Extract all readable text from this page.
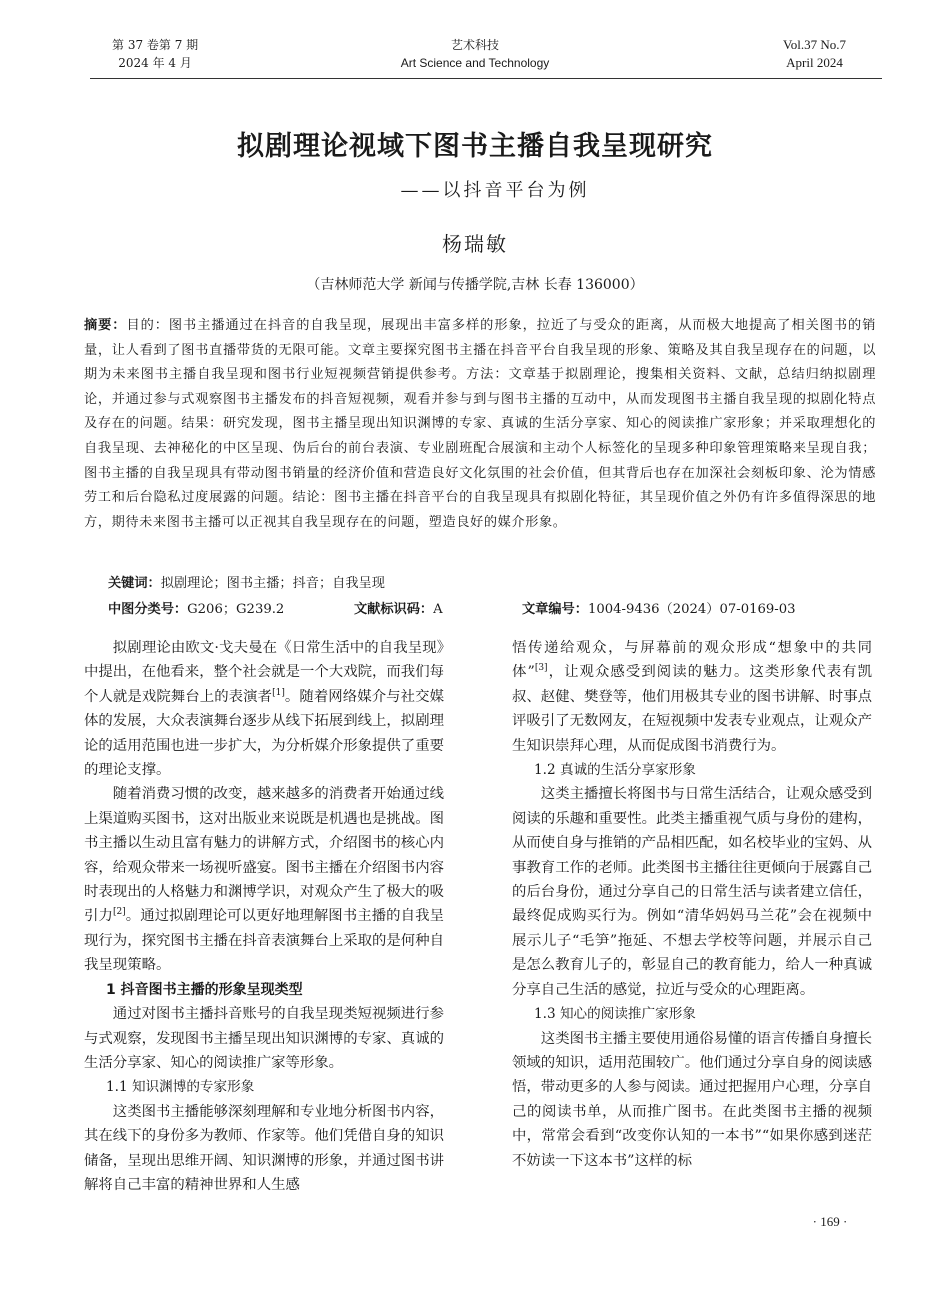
第 37 卷第 7 期
2024 年 4 月
艺术科技
Art Science and Technology
Vol.37 No.7
April 2024
拟剧理论视域下图书主播自我呈现研究
——以抖音平台为例
杨瑞敏
（吉林师范大学 新闻与传播学院,吉林 长春 136000）
摘要：目的：图书主播通过在抖音的自我呈现，展现出丰富多样的形象，拉近了与受众的距离，从而极大地提高了相关图书的销量，让人看到了图书直播带货的无限可能。文章主要探究图书主播在抖音平台自我呈现的形象、策略及其自我呈现存在的问题，以期为未来图书主播自我呈现和图书行业短视频营销提供参考。方法：文章基于拟剧理论，搜集相关资料、文献，总结归纳拟剧理论，并通过参与式观察图书主播发布的抖音短视频，观看并参与到与图书主播的互动中，从而发现图书主播自我呈现的拟剧化特点及存在的问题。结果：研究发现，图书主播呈现出知识渊博的专家、真诚的生活分享家、知心的阅读推广家形象；并采取理想化的自我呈现、去神秘化的中区呈现、伪后台的前台表演、专业剧班配合展演和主动个人标签化的呈现多种印象管理策略来呈现自我；图书主播的自我呈现具有带动图书销量的经济价值和营造良好文化氛围的社会价值，但其背后也存在加深社会刻板印象、沦为情感劳工和后台隐私过度展露的问题。结论：图书主播在抖音平台的自我呈现具有拟剧化特征，其呈现价值之外仍有许多值得深思的地方，期待未来图书主播可以正视其自我呈现存在的问题，塑造良好的媒介形象。
关键词：拟剧理论；图书主播；抖音；自我呈现
中图分类号：G206；G239.2	文献标识码：A	文章编号：1004-9436（2024）07-0169-03

拟剧理论由欧文·戈夫曼在《日常生活中的自我呈现》中提出，在他看来，整个社会就是一个大戏院，而我们每个人就是戏院舞台上的表演者[1]。随着网络媒介与社交媒体的发展，大众表演舞台逐步从线下拓展到线上，拟剧理论的适用范围也进一步扩大，为分析媒介形象提供了重要的理论支撑。

随着消费习惯的改变，越来越多的消费者开始通过线上渠道购买图书，这对出版业来说既是机遇也是挑战。图书主播以生动且富有魅力的讲解方式，介绍图书的核心内容，给观众带来一场视听盛宴。图书主播在介绍图书内容时表现出的人格魅力和渊博学识，对观众产生了极大的吸引力[2]。通过拟剧理论可以更好地理解图书主播的自我呈现行为，探究图书主播在抖音表演舞台上采取的是何种自我呈现策略。

1 抖音图书主播的形象呈现类型

通过对图书主播抖音账号的自我呈现类短视频进行参与式观察，发现图书主播呈现出知识渊博的专家、真诚的生活分享家、知心的阅读推广家等形象。

1.1 知识渊博的专家形象

这类图书主播能够深刻理解和专业地分析图书内容，其在线下的身份多为教师、作家等。他们凭借自身的知识储备，呈现出思维开阔、知识渊博的形象，并通过图书讲解将自己丰富的精神世界和人生感

悟传递给观众，与屏幕前的观众形成“想象中的共同体”[3]，让观众感受到阅读的魅力。这类形象代表有凯叔、赵健、樊登等，他们用极其专业的图书讲解、时事点评吸引了无数网友，在短视频中发表专业观点，让观众产生知识崇拜心理，从而促成图书消费行为。

1.2 真诚的生活分享家形象

这类主播擅长将图书与日常生活结合，让观众感受到阅读的乐趣和重要性。此类主播重视气质与身份的建构，从而使自身与推销的产品相匹配，如名校毕业的宝妈、从事教育工作的老师。此类图书主播往往更倾向于展露自己的后台身份，通过分享自己的日常生活与读者建立信任，最终促成购买行为。例如“清华妈妈马兰花”会在视频中展示儿子“毛笋”拖延、不想去学校等问题，并展示自己是怎么教育儿子的，彰显自己的教育能力，给人一种真诚分享自己生活的感觉，拉近与受众的心理距离。

1.3 知心的阅读推广家形象

这类图书主播主要使用通俗易懂的语言传播自身擅长领域的知识，适用范围较广。他们通过分享自身的阅读感悟，带动更多的人参与阅读。通过把握用户心理，分享自己的阅读书单，从而推广图书。在此类图书主播的视频中，常常会看到“改变你认知的一本书”“如果你感到迷茫不妨读一下这本书”这样的标

· 169 ·
